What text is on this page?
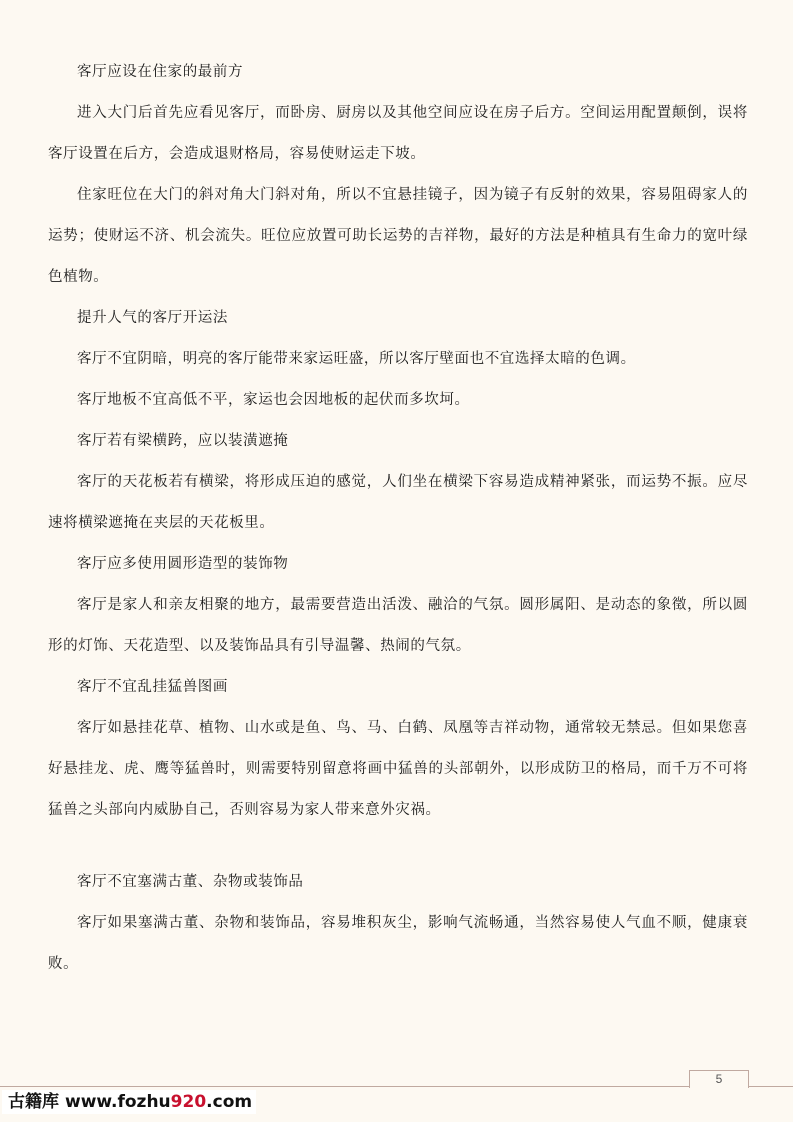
客厅应设在住家的最前方

进入大门后首先应看见客厅，而卧房、厨房以及其他空间应设在房子后方。空间运用配置颠倒，误将客厅设置在后方，会造成退财格局，容易使财运走下坡。

住家旺位在大门的斜对角大门斜对角，所以不宜悬挂镜子，因为镜子有反射的效果，容易阻碍家人的运势；使财运不济、机会流失。旺位应放置可助长运势的吉祥物，最好的方法是种植具有生命力的宽叶绿色植物。

提升人气的客厅开运法

客厅不宜阴暗，明亮的客厅能带来家运旺盛，所以客厅壁面也不宜选择太暗的色调。

客厅地板不宜高低不平，家运也会因地板的起伏而多坎坷。

客厅若有梁横跨，应以装潢遮掩

客厅的天花板若有横梁，将形成压迫的感觉，人们坐在横梁下容易造成精神紧张，而运势不振。应尽速将横梁遮掩在夹层的天花板里。

客厅应多使用圆形造型的装饰物

客厅是家人和亲友相聚的地方，最需要营造出活泼、融洽的气氛。圆形属阳、是动态的象徵，所以圆形的灯饰、天花造型、以及装饰品具有引导温馨、热闹的气氛。

客厅不宜乱挂猛兽图画

客厅如悬挂花草、植物、山水或是鱼、鸟、马、白鹤、凤凰等吉祥动物，通常较无禁忌。但如果您喜好悬挂龙、虎、鹰等猛兽时，则需要特别留意将画中猛兽的头部朝外，以形成防卫的格局，而千万不可将猛兽之头部向内威胁自己，否则容易为家人带来意外灾祸。

客厅不宜塞满古董、杂物或装饰品

客厅如果塞满古董、杂物和装饰品，容易堆积灰尘，影响气流畅通，当然容易使人气血不顺，健康衰败。

5
古籍库 www.fozhu920.com
